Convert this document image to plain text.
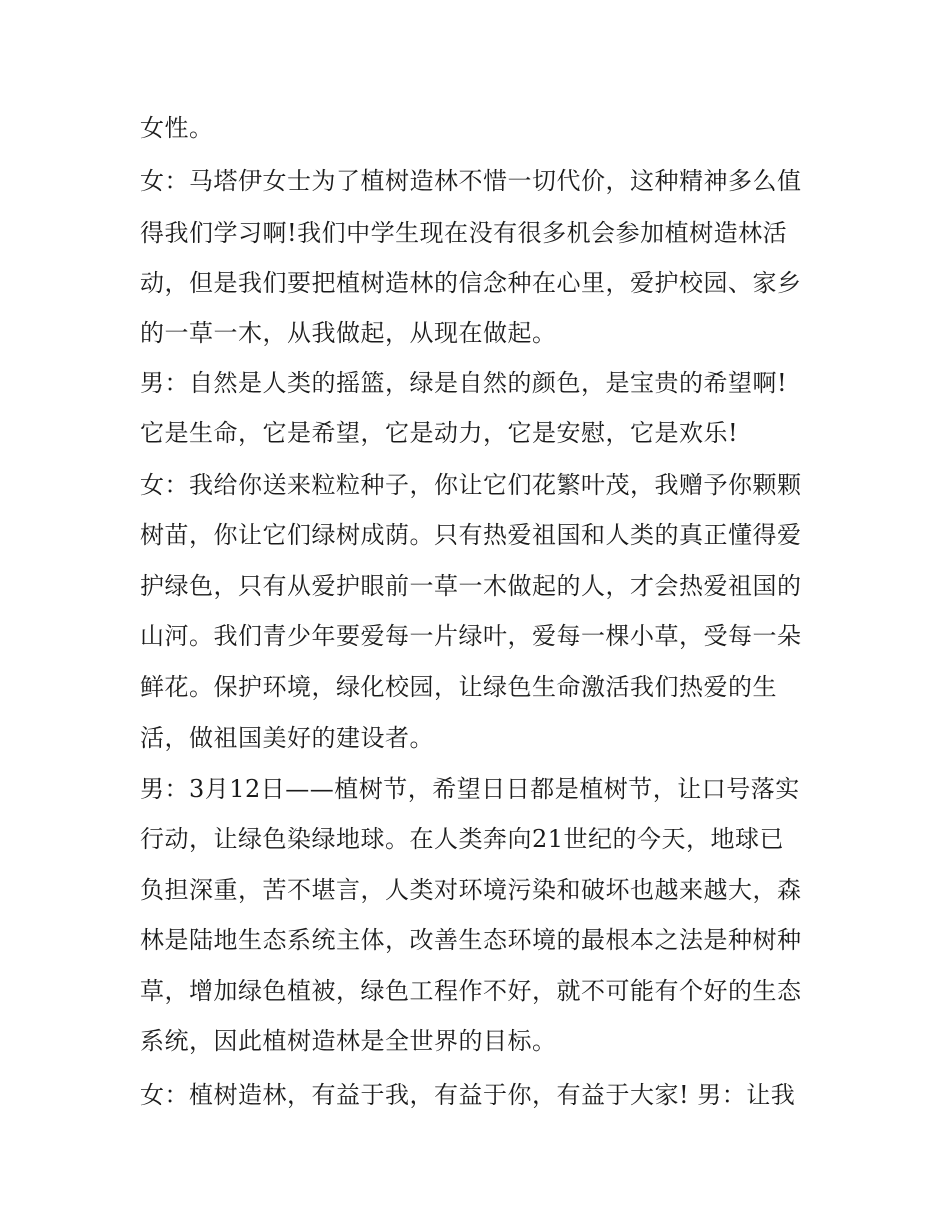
女性。
女：马塔伊女士为了植树造林不惜一切代价，这种精神多么值
得我们学习啊!我们中学生现在没有很多机会参加植树造林活
动，但是我们要把植树造林的信念种在心里，爱护校园、家乡
的一草一木，从我做起，从现在做起。
男：自然是人类的摇篮，绿是自然的颜色，是宝贵的希望啊!
它是生命，它是希望，它是动力，它是安慰，它是欢乐!
女：我给你送来粒粒种子，你让它们花繁叶茂，我赠予你颗颗
树苗，你让它们绿树成荫。只有热爱祖国和人类的真正懂得爱
护绿色，只有从爱护眼前一草一木做起的人，才会热爱祖国的
山河。我们青少年要爱每一片绿叶，爱每一棵小草，受每一朵
鲜花。保护环境，绿化校园，让绿色生命激活我们热爱的生
活，做祖国美好的建设者。
男：3月12日——植树节，希望日日都是植树节，让口号落实
行动，让绿色染绿地球。在人类奔向21世纪的今天，地球已
负担深重，苦不堪言，人类对环境污染和破坏也越来越大，森
林是陆地生态系统主体，改善生态环境的最根本之法是种树种
草，增加绿色植被，绿色工程作不好，就不可能有个好的生态
系统，因此植树造林是全世界的目标。
女：植树造林，有益于我，有益于你，有益于大家! 男：让我
